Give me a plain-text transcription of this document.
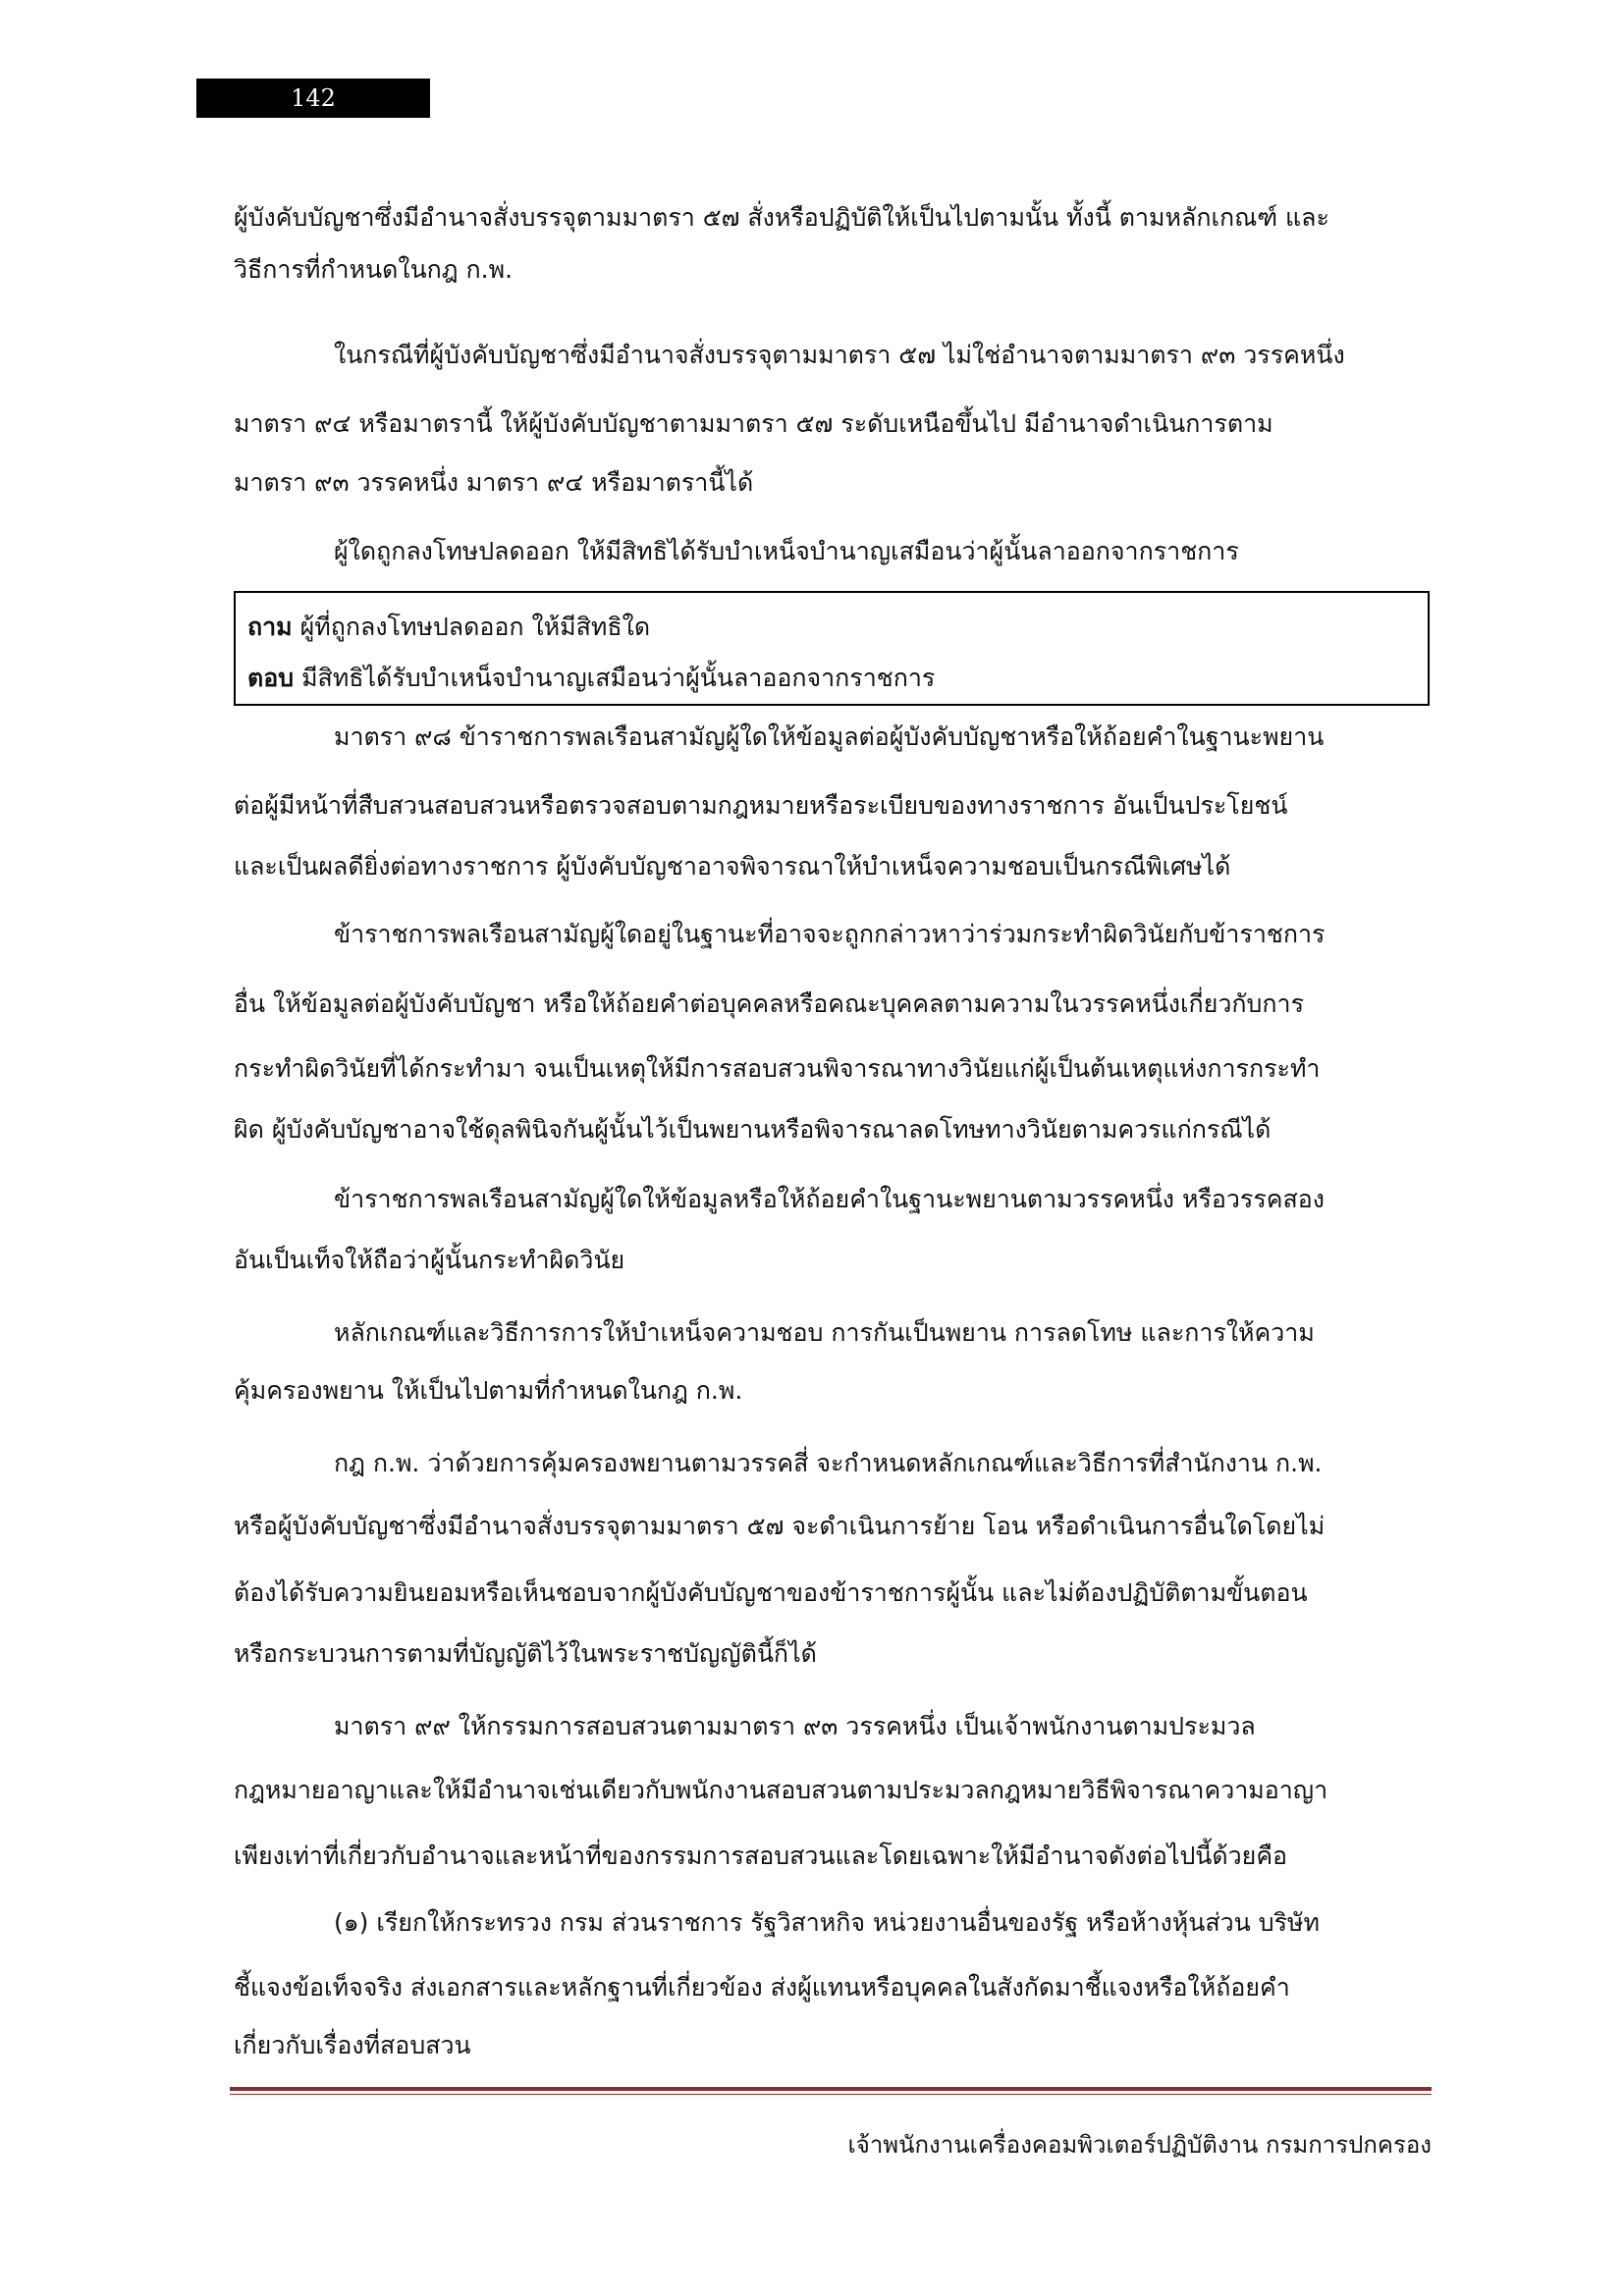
142
ผู้บังคับบัญชาซึ่งมีอำนาจสั่งบรรจุตามมาตรา ๕๗ สั่งหรือปฏิบัติให้เป็นไปตามนั้น ทั้งนี้ ตามหลักเกณฑ์ และ
วิธีการที่กำหนดในกฎ ก.พ.
ในกรณีที่ผู้บังคับบัญชาซึ่งมีอำนาจสั่งบรรจุตามมาตรา ๕๗ ไม่ใช่อำนาจตามมาตรา ๙๓ วรรคหนึ่ง
มาตรา ๙๔ หรือมาตรานี้ ให้ผู้บังคับบัญชาตามมาตรา ๕๗ ระดับเหนือขึ้นไป มีอำนาจดำเนินการตาม
มาตรา ๙๓ วรรคหนึ่ง มาตรา ๙๔ หรือมาตรานี้ได้
ผู้ใดถูกลงโทษปลดออก ให้มีสิทธิได้รับบำเหน็จบำนาญเสมือนว่าผู้นั้นลาออกจากราชการ
ถาม ผู้ที่ถูกลงโทษปลดออก ให้มีสิทธิใด
ตอบ มีสิทธิได้รับบำเหน็จบำนาญเสมือนว่าผู้นั้นลาออกจากราชการ
มาตรา ๙๘ ข้าราชการพลเรือนสามัญผู้ใดให้ข้อมูลต่อผู้บังคับบัญชาหรือให้ถ้อยคำในฐานะพยาน
ต่อผู้มีหน้าที่สืบสวนสอบสวนหรือตรวจสอบตามกฎหมายหรือระเบียบของทางราชการ อันเป็นประโยชน์
และเป็นผลดียิ่งต่อทางราชการ ผู้บังคับบัญชาอาจพิจารณาให้บำเหน็จความชอบเป็นกรณีพิเศษได้
ข้าราชการพลเรือนสามัญผู้ใดอยู่ในฐานะที่อาจจะถูกกล่าวหาว่าร่วมกระทำผิดวินัยกับข้าราชการ
อื่น ให้ข้อมูลต่อผู้บังคับบัญชา หรือให้ถ้อยคำต่อบุคคลหรือคณะบุคคลตามความในวรรคหนึ่งเกี่ยวกับการ
กระทำผิดวินัยที่ได้กระทำมา จนเป็นเหตุให้มีการสอบสวนพิจารณาทางวินัยแก่ผู้เป็นต้นเหตุแห่งการกระทำ
ผิด ผู้บังคับบัญชาอาจใช้ดุลพินิจกันผู้นั้นไว้เป็นพยานหรือพิจารณาลดโทษทางวินัยตามควรแก่กรณีได้
ข้าราชการพลเรือนสามัญผู้ใดให้ข้อมูลหรือให้ถ้อยคำในฐานะพยานตามวรรคหนึ่ง หรือวรรคสอง
อันเป็นเท็จให้ถือว่าผู้นั้นกระทำผิดวินัย
หลักเกณฑ์และวิธีการการให้บำเหน็จความชอบ การกันเป็นพยาน การลดโทษ และการให้ความ
คุ้มครองพยาน ให้เป็นไปตามที่กำหนดในกฎ ก.พ.
กฎ ก.พ. ว่าด้วยการคุ้มครองพยานตามวรรคสี่ จะกำหนดหลักเกณฑ์และวิธีการที่สำนักงาน ก.พ.
หรือผู้บังคับบัญชาซึ่งมีอำนาจสั่งบรรจุตามมาตรา ๕๗ จะดำเนินการย้าย โอน หรือดำเนินการอื่นใดโดยไม่
ต้องได้รับความยินยอมหรือเห็นชอบจากผู้บังคับบัญชาของข้าราชการผู้นั้น และไม่ต้องปฏิบัติตามขั้นตอน
หรือกระบวนการตามที่บัญญัติไว้ในพระราชบัญญัตินี้ก็ได้
มาตรา ๙๙ ให้กรรมการสอบสวนตามมาตรา ๙๓ วรรคหนึ่ง เป็นเจ้าพนักงานตามประมวล
กฎหมายอาญาและให้มีอำนาจเช่นเดียวกับพนักงานสอบสวนตามประมวลกฎหมายวิธีพิจารณาความอาญา
เพียงเท่าที่เกี่ยวกับอำนาจและหน้าที่ของกรรมการสอบสวนและโดยเฉพาะให้มีอำนาจดังต่อไปนี้ด้วยคือ
(๑) เรียกให้กระทรวง กรม ส่วนราชการ รัฐวิสาหกิจ หน่วยงานอื่นของรัฐ หรือห้างหุ้นส่วน บริษัท
ชี้แจงข้อเท็จจริง ส่งเอกสารและหลักฐานที่เกี่ยวข้อง ส่งผู้แทนหรือบุคคลในสังกัดมาชี้แจงหรือให้ถ้อยคำ
เกี่ยวกับเรื่องที่สอบสวน
เจ้าพนักงานเครื่องคอมพิวเตอร์ปฏิบัติงาน กรมการปกครอง
